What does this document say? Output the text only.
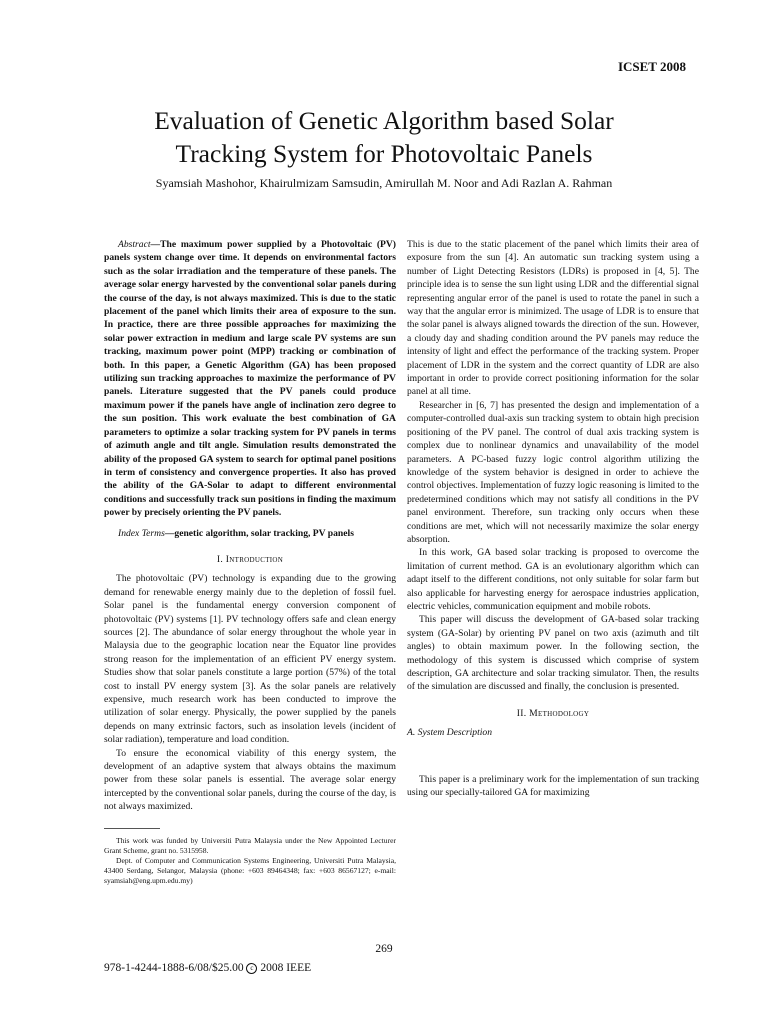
ICSET 2008
Evaluation of Genetic Algorithm based Solar
Tracking System for Photovoltaic Panels
Syamsiah Mashohor, Khairulmizam Samsudin, Amirullah M. Noor and Adi Razlan A. Rahman

Abstract—The maximum power supplied by a Photovoltaic (PV) panels system change over time. It depends on environmental factors such as the solar irradiation and the temperature of these panels. The average solar energy harvested by the conventional solar panels during the course of the day, is not always maximized. This is due to the static placement of the panel which limits their area of exposure to the sun. In practice, there are three possible approaches for maximizing the solar power extraction in medium and large scale PV systems are sun tracking, maximum power point (MPP) tracking or combination of both. In this paper, a Genetic Algorithm (GA) has been proposed utilizing sun tracking approaches to maximize the performance of PV panels. Literature suggested that the PV panels could produce maximum power if the panels have angle of inclination zero degree to the sun position. This work evaluate the best combination of GA parameters to optimize a solar tracking system for PV panels in terms of azimuth angle and tilt angle. Simulation results demonstrated the ability of the proposed GA system to search for optimal panel positions in term of consistency and convergence properties. It also has proved the ability of the GA-Solar to adapt to different environmental conditions and successfully track sun positions in finding the maximum power by precisely orienting the PV panels.

Index Terms—genetic algorithm, solar tracking, PV panels

I. Introduction

The photovoltaic (PV) technology is expanding due to the growing demand for renewable energy mainly due to the depletion of fossil fuel. Solar panel is the fundamental energy conversion component of photovoltaic (PV) systems [1]. PV technology offers safe and clean energy sources [2]. The abundance of solar energy throughout the whole year in Malaysia due to the geographic location near the Equator line provides strong reason for the implementation of an efficient PV energy system. Studies show that solar panels constitute a large portion (57%) of the total cost to install PV energy system [3]. As the solar panels are relatively expensive, much research work has been conducted to improve the utilization of solar energy. Physically, the power supplied by the panels depends on many extrinsic factors, such as insolation levels (incident of solar radiation), temperature and load condition.

To ensure the economical viability of this energy system, the development of an adaptive system that always obtains the maximum power from these solar panels is essential. The average solar energy intercepted by the conventional solar panels, during the course of the day, is not always maximized.

This work was funded by Universiti Putra Malaysia under the New Appointed Lecturer Grant Scheme, grant no. 5315958.

Dept. of Computer and Communication Systems Engineering, Universiti Putra Malaysia, 43400 Serdang, Selangor, Malaysia (phone: +603 89464348; fax: +603 86567127; e-mail: syamsiah@eng.upm.edu.my)

This is due to the static placement of the panel which limits their area of exposure from the sun [4]. An automatic sun tracking system using a number of Light Detecting Resistors (LDRs) is proposed in [4, 5]. The principle idea is to sense the sun light using LDR and the differential signal representing angular error of the panel is used to rotate the panel in such a way that the angular error is minimized. The usage of LDR is to ensure that the solar panel is always aligned towards the direction of the sun. However, a cloudy day and shading condition around the PV panels may reduce the intensity of light and effect the performance of the tracking system. Proper placement of LDR in the system and the correct quantity of LDR are also important in order to provide correct positioning information for the solar panel at all time.

Researcher in [6, 7] has presented the design and implementation of a computer-controlled dual-axis sun tracking system to obtain high precision positioning of the PV panel. The control of dual axis tracking system is complex due to nonlinear dynamics and unavailability of the model parameters. A PC-based fuzzy logic control algorithm utilizing the knowledge of the system behavior is designed in order to achieve the control objectives. Implementation of fuzzy logic reasoning is limited to the predetermined conditions which may not satisfy all conditions in the PV panel environment. Therefore, sun tracking only occurs when these conditions are met, which will not necessarily maximize the solar energy absorption.

In this work, GA based solar tracking is proposed to overcome the limitation of current method. GA is an evolutionary algorithm which can adapt itself to the different conditions, not only suitable for solar farm but also applicable for harvesting energy for aerospace industries application, electric vehicles, communication equipment and mobile robots.

This paper will discuss the development of GA-based solar tracking system (GA-Solar) by orienting PV panel on two axis (azimuth and tilt angles) to obtain maximum power. In the following section, the methodology of this system is discussed which comprise of system description, GA architecture and solar tracking simulator. Then, the results of the simulation are discussed and finally, the conclusion is presented.

II. Methodology

A. System Description

This paper is a preliminary work for the implementation of sun tracking using our specially-tailored GA for maximizing

269
978-1-4244-1888-6/08/$25.00 c 2008 IEEE
